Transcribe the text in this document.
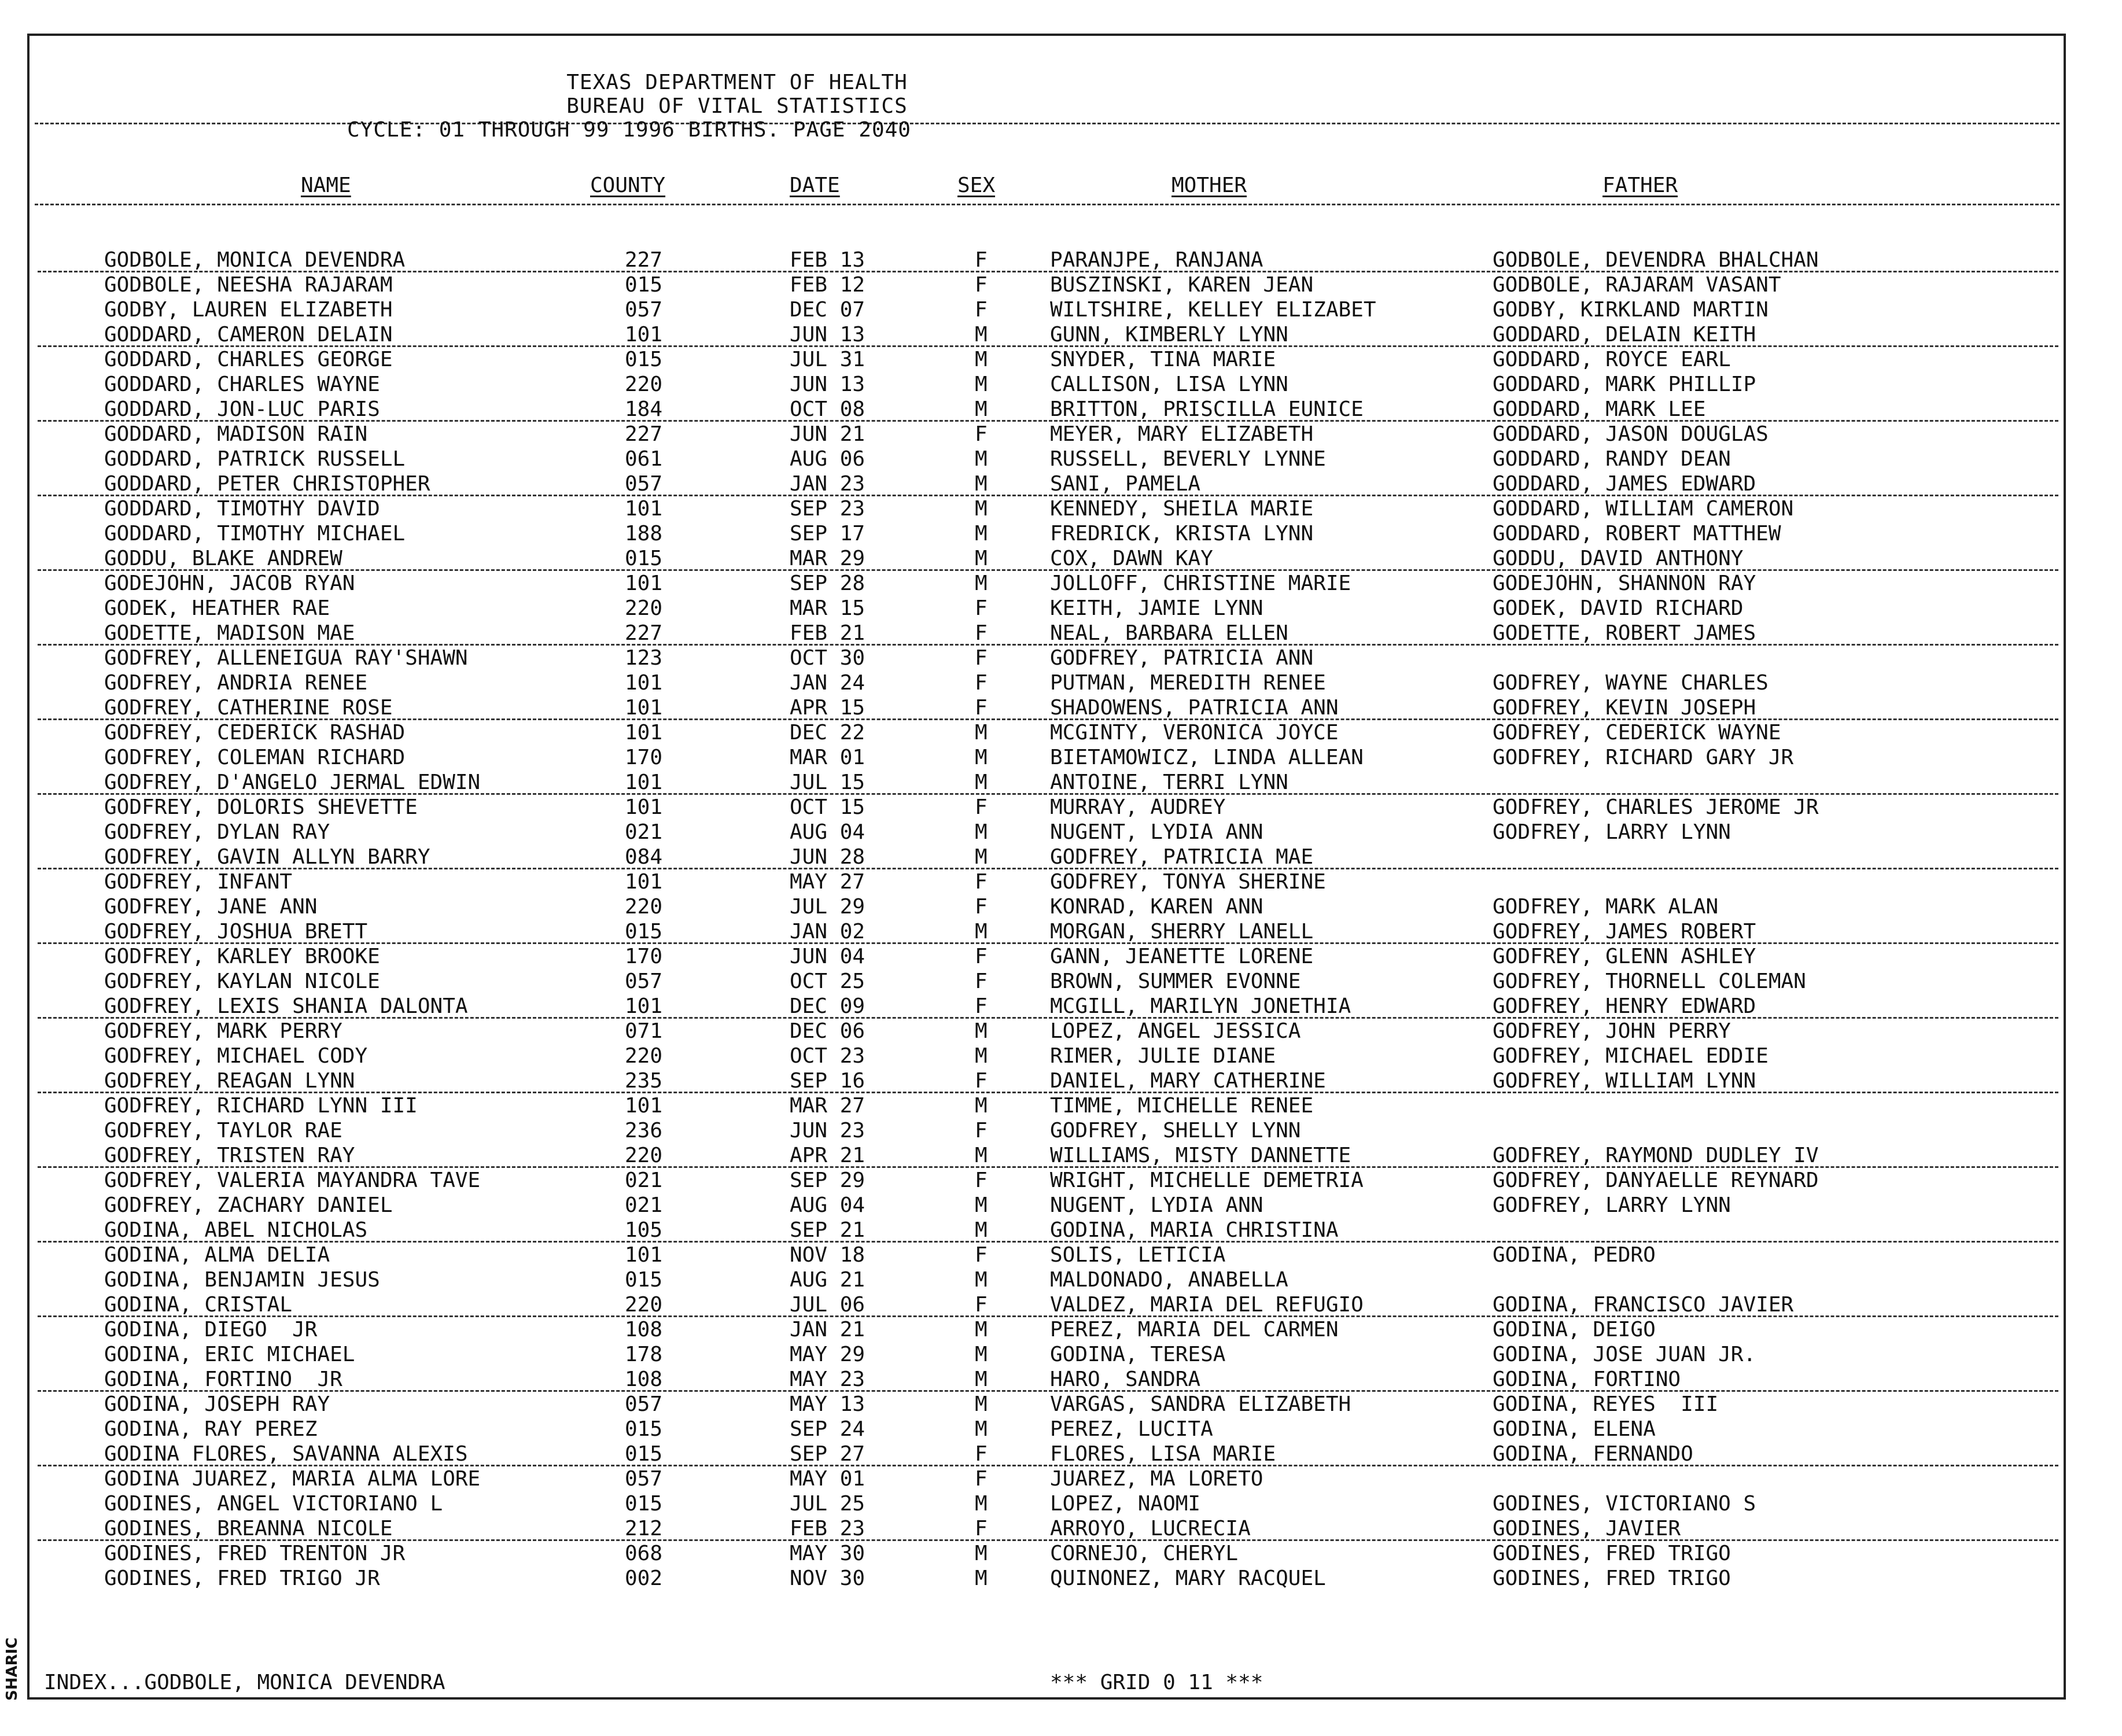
TEXAS DEPARTMENT OF HEALTH
BUREAU OF VITAL STATISTICS
CYCLE: 01 THROUGH 99 1996 BIRTHS. PAGE 2040
NAME	COUNTY	DATE	SEX	MOTHER	FATHER
GODBOLE, MONICA DEVENDRA	227	FEB 13	F	PARANJPE, RANJANA	GODBOLE, DEVENDRA BHALCHAN
GODBOLE, NEESHA RAJARAM	015	FEB 12	F	BUSZINSKI, KAREN JEAN	GODBOLE, RAJARAM VASANT
GODBY, LAUREN ELIZABETH	057	DEC 07	F	WILTSHIRE, KELLEY ELIZABET	GODBY, KIRKLAND MARTIN
GODDARD, CAMERON DELAIN	101	JUN 13	M	GUNN, KIMBERLY LYNN	GODDARD, DELAIN KEITH
GODDARD, CHARLES GEORGE	015	JUL 31	M	SNYDER, TINA MARIE	GODDARD, ROYCE EARL
GODDARD, CHARLES WAYNE	220	JUN 13	M	CALLISON, LISA LYNN	GODDARD, MARK PHILLIP
GODDARD, JON-LUC PARIS	184	OCT 08	M	BRITTON, PRISCILLA EUNICE	GODDARD, MARK LEE
GODDARD, MADISON RAIN	227	JUN 21	F	MEYER, MARY ELIZABETH	GODDARD, JASON DOUGLAS
GODDARD, PATRICK RUSSELL	061	AUG 06	M	RUSSELL, BEVERLY LYNNE	GODDARD, RANDY DEAN
GODDARD, PETER CHRISTOPHER	057	JAN 23	M	SANI, PAMELA	GODDARD, JAMES EDWARD
GODDARD, TIMOTHY DAVID	101	SEP 23	M	KENNEDY, SHEILA MARIE	GODDARD, WILLIAM CAMERON
GODDARD, TIMOTHY MICHAEL	188	SEP 17	M	FREDRICK, KRISTA LYNN	GODDARD, ROBERT MATTHEW
GODDU, BLAKE ANDREW	015	MAR 29	M	COX, DAWN KAY	GODDU, DAVID ANTHONY
GODEJOHN, JACOB RYAN	101	SEP 28	M	JOLLOFF, CHRISTINE MARIE	GODEJOHN, SHANNON RAY
GODEK, HEATHER RAE	220	MAR 15	F	KEITH, JAMIE LYNN	GODEK, DAVID RICHARD
GODETTE, MADISON MAE	227	FEB 21	F	NEAL, BARBARA ELLEN	GODETTE, ROBERT JAMES
GODFREY, ALLENEIGUA RAY'SHAWN	123	OCT 30	F	GODFREY, PATRICIA ANN
GODFREY, ANDRIA RENEE	101	JAN 24	F	PUTMAN, MEREDITH RENEE	GODFREY, WAYNE CHARLES
GODFREY, CATHERINE ROSE	101	APR 15	F	SHADOWENS, PATRICIA ANN	GODFREY, KEVIN JOSEPH
GODFREY, CEDERICK RASHAD	101	DEC 22	M	MCGINTY, VERONICA JOYCE	GODFREY, CEDERICK WAYNE
GODFREY, COLEMAN RICHARD	170	MAR 01	M	BIETAMOWICZ, LINDA ALLEAN	GODFREY, RICHARD GARY JR
GODFREY, D'ANGELO JERMAL EDWIN	101	JUL 15	M	ANTOINE, TERRI LYNN
GODFREY, DOLORIS SHEVETTE	101	OCT 15	F	MURRAY, AUDREY	GODFREY, CHARLES JEROME JR
GODFREY, DYLAN RAY	021	AUG 04	M	NUGENT, LYDIA ANN	GODFREY, LARRY LYNN
GODFREY, GAVIN ALLYN BARRY	084	JUN 28	M	GODFREY, PATRICIA MAE
GODFREY, INFANT	101	MAY 27	F	GODFREY, TONYA SHERINE
GODFREY, JANE ANN	220	JUL 29	F	KONRAD, KAREN ANN	GODFREY, MARK ALAN
GODFREY, JOSHUA BRETT	015	JAN 02	M	MORGAN, SHERRY LANELL	GODFREY, JAMES ROBERT
GODFREY, KARLEY BROOKE	170	JUN 04	F	GANN, JEANETTE LORENE	GODFREY, GLENN ASHLEY
GODFREY, KAYLAN NICOLE	057	OCT 25	F	BROWN, SUMMER EVONNE	GODFREY, THORNELL COLEMAN
GODFREY, LEXIS SHANIA DALONTA	101	DEC 09	F	MCGILL, MARILYN JONETHIA	GODFREY, HENRY EDWARD
GODFREY, MARK PERRY	071	DEC 06	M	LOPEZ, ANGEL JESSICA	GODFREY, JOHN PERRY
GODFREY, MICHAEL CODY	220	OCT 23	M	RIMER, JULIE DIANE	GODFREY, MICHAEL EDDIE
GODFREY, REAGAN LYNN	235	SEP 16	F	DANIEL, MARY CATHERINE	GODFREY, WILLIAM LYNN
GODFREY, RICHARD LYNN III	101	MAR 27	M	TIMME, MICHELLE RENEE
GODFREY, TAYLOR RAE	236	JUN 23	F	GODFREY, SHELLY LYNN
GODFREY, TRISTEN RAY	220	APR 21	M	WILLIAMS, MISTY DANNETTE	GODFREY, RAYMOND DUDLEY IV
GODFREY, VALERIA MAYANDRA TAVE	021	SEP 29	F	WRIGHT, MICHELLE DEMETRIA	GODFREY, DANYAELLE REYNARD
GODFREY, ZACHARY DANIEL	021	AUG 04	M	NUGENT, LYDIA ANN	GODFREY, LARRY LYNN
GODINA, ABEL NICHOLAS	105	SEP 21	M	GODINA, MARIA CHRISTINA
GODINA, ALMA DELIA	101	NOV 18	F	SOLIS, LETICIA	GODINA, PEDRO
GODINA, BENJAMIN JESUS	015	AUG 21	M	MALDONADO, ANABELLA
GODINA, CRISTAL	220	JUL 06	F	VALDEZ, MARIA DEL REFUGIO	GODINA, FRANCISCO JAVIER
GODINA, DIEGO  JR	108	JAN 21	M	PEREZ, MARIA DEL CARMEN	GODINA, DEIGO
GODINA, ERIC MICHAEL	178	MAY 29	M	GODINA, TERESA	GODINA, JOSE JUAN JR.
GODINA, FORTINO  JR	108	MAY 23	M	HARO, SANDRA	GODINA, FORTINO
GODINA, JOSEPH RAY	057	MAY 13	M	VARGAS, SANDRA ELIZABETH	GODINA, REYES  III
GODINA, RAY PEREZ	015	SEP 24	M	PEREZ, LUCITA	GODINA, ELENA
GODINA FLORES, SAVANNA ALEXIS	015	SEP 27	F	FLORES, LISA MARIE	GODINA, FERNANDO
GODINA JUAREZ, MARIA ALMA LORE	057	MAY 01	F	JUAREZ, MA LORETO
GODINES, ANGEL VICTORIANO L	015	JUL 25	M	LOPEZ, NAOMI	GODINES, VICTORIANO S
GODINES, BREANNA NICOLE	212	FEB 23	F	ARROYO, LUCRECIA	GODINES, JAVIER
GODINES, FRED TRENTON JR	068	MAY 30	M	CORNEJO, CHERYL	GODINES, FRED TRIGO
GODINES, FRED TRIGO JR	002	NOV 30	M	QUINONEZ, MARY RACQUEL	GODINES, FRED TRIGO
INDEX...GODBOLE, MONICA DEVENDRA	*** GRID 0 11 ***
SHARIC
